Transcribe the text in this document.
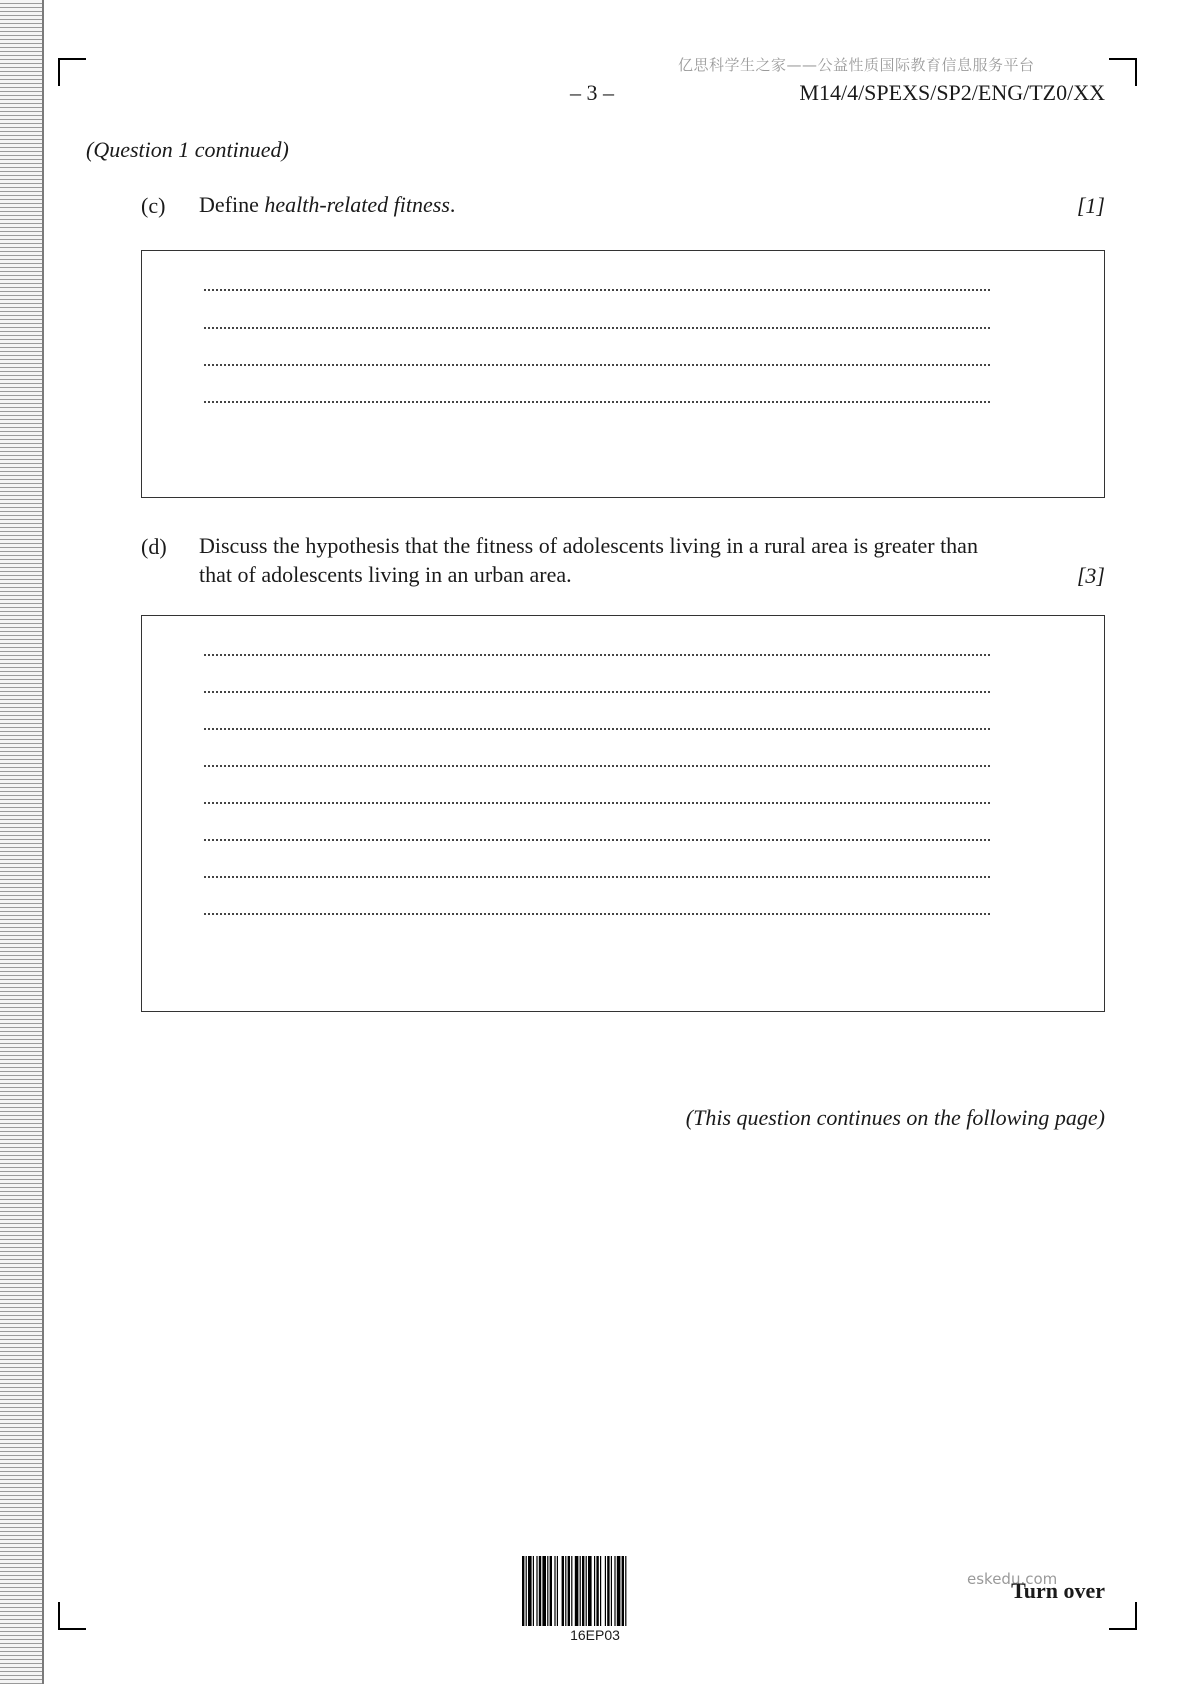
亿思科学生之家——公益性质国际教育信息服务平台
– 3 –	M14/4/SPEXS/SP2/ENG/TZ0/XX
(Question 1 continued)
(c) Define health-related fitness.	[1]
(d) Discuss the hypothesis that the fitness of adolescents living in a rural area is greater than
that of adolescents living in an urban area.	[3]
(This question continues on the following page)
16EP03
eskedu.com
Turn over
